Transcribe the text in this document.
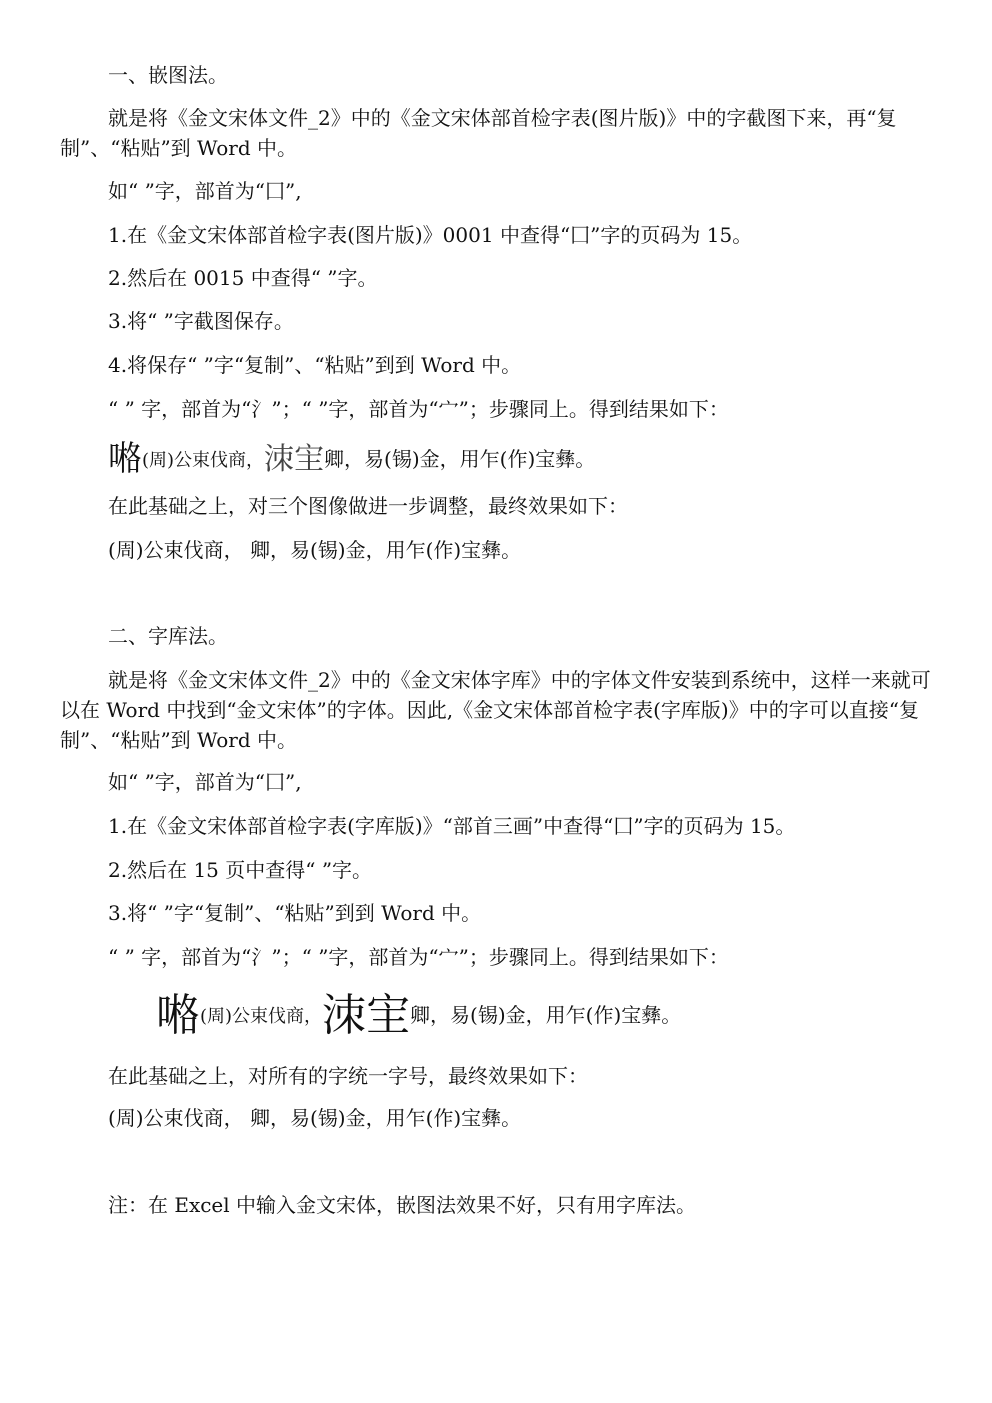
一、嵌图法。

就是将《金文宋体文件_2》中的《金文宋体部首检字表(图片版)》中的字截图下来，再“复制”、“粘贴”到 Word 中。

如“ ”字，部首为“囗”,

1.在《金文宋体部首检字表(图片版)》0001 中查得“囗”字的页码为 15。

2.然后在 0015 中查得“ ”字。

3.将“ ”字截图保存。

4.将保存“ ”字“复制”、“粘贴”到到 Word 中。

“ ” 字，部首为“氵”；“ ”字，部首为“宀”；步骤同上。得到结果如下：

𠺝(周)公束伐商，洓宔卿，易(锡)金，用乍(作)宝彝。

在此基础之上，对三个图像做进一步调整，最终效果如下：

(周)公束伐商， 卿，易(锡)金，用乍(作)宝彝。

二、字库法。

就是将《金文宋体文件_2》中的《金文宋体字库》中的字体文件安装到系统中，这样一来就可以在 Word 中找到“金文宋体”的字体。因此,《金文宋体部首检字表(字库版)》中的字可以直接“复制”、“粘贴”到 Word 中。

如“ ”字，部首为“囗”,

1.在《金文宋体部首检字表(字库版)》“部首三画”中查得“囗”字的页码为 15。

2.然后在 15 页中查得“ ”字。

3.将“ ”字“复制”、“粘贴”到到 Word 中。

“ ” 字，部首为“氵”；“ ”字，部首为“宀”；步骤同上。得到结果如下：

𠺝(周)公束伐商，洓宔卿，易(锡)金，用乍(作)宝彝。

在此基础之上，对所有的字统一字号，最终效果如下：

(周)公束伐商， 卿，易(锡)金，用乍(作)宝彝。

注：在 Excel 中输入金文宋体，嵌图法效果不好，只有用字库法。
